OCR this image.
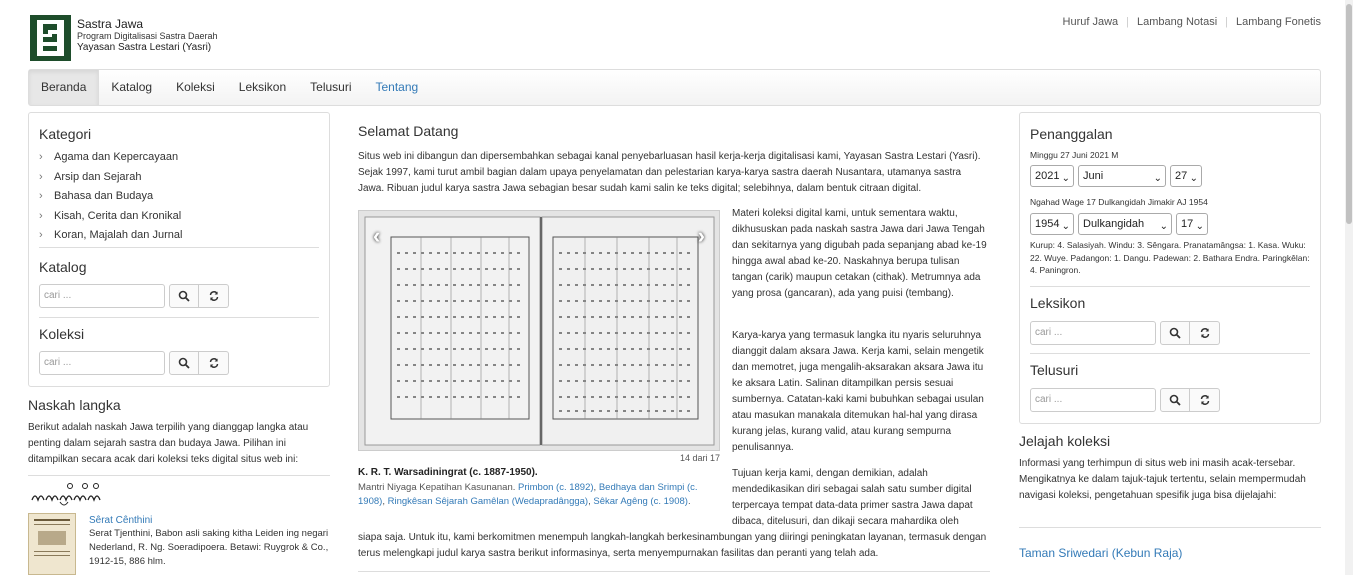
Sastra Jawa
Program Digitalisasi Sastra Daerah
Yayasan Sastra Lestari (Yasri)
Huruf Jawa | Lambang Notasi | Lambang Fonetis
Beranda	Katalog	Koleksi	Leksikon	Telusuri	Tentang
Kategori
› Agama dan Kepercayaan
› Arsip dan Sejarah
› Bahasa dan Budaya
› Kisah, Cerita dan Kronikal
› Koran, Majalah dan Jurnal
Katalog
cari ...
Koleksi
cari ...
Naskah langka
Berikut adalah naskah Jawa terpilih yang dianggap langka atau penting dalam sejarah sastra dan budaya Jawa. Pilihan ini ditampilkan secara acak dari koleksi teks digital situs web ini:
Sêrat Cênthini
Serat Tjenthini, Babon asli saking kitha Leiden ing negari Nederland, R. Ng. Soeradipoera. Betawi: Ruygrok & Co., 1912-15, 886 hlm.
Selamat Datang
Situs web ini dibangun dan dipersembahkan sebagai kanal penyebarluasan hasil kerja-kerja digitalisasi kami, Yayasan Sastra Lestari (Yasri). Sejak 1997, kami turut ambil bagian dalam upaya penyelamatan dan pelestarian karya-karya sastra daerah Nusantara, utamanya sastra Jawa. Ribuan judul karya sastra Jawa sebagian besar sudah kami salin ke teks digital; selebihnya, dalam bentuk citraan digital.
‹	›
14 dari 17
K. R. T. Warsadiningrat (c. 1887-1950).
Mantri Niyaga Kepatihan Kasunanan. Primbon (c. 1892), Bedhaya dan Srimpi (c. 1908), Ringkêsan Sêjarah Gamêlan (Wedapradângga), Sêkar Agêng (c. 1908).
Materi koleksi digital kami, untuk sementara waktu, dikhususkan pada naskah sastra Jawa dari Jawa Tengah dan sekitarnya yang digubah pada sepanjang abad ke-19 hingga awal abad ke-20. Naskahnya berupa tulisan tangan (carik) maupun cetakan (cithak). Metrumnya ada yang prosa (gancaran), ada yang puisi (tembang).
Karya-karya yang termasuk langka itu nyaris seluruhnya dianggit dalam aksara Jawa. Kerja kami, selain mengetik dan memotret, juga mengalih-aksarakan aksara Jawa itu ke aksara Latin. Salinan ditampilkan persis sesuai sumbernya. Catatan-kaki kami bubuhkan sebagai usulan atau masukan manakala ditemukan hal-hal yang dirasa kurang jelas, kurang valid, atau kurang sempurna penulisannya.
Tujuan kerja kami, dengan demikian, adalah mendedikasikan diri sebagai salah satu sumber digital terpercaya tempat data-data primer sastra Jawa dapat dibaca, ditelusuri, dan dikaji secara mahardika oleh
siapa saja. Untuk itu, kami berkomitmen menempuh langkah-langkah berkesinambungan yang diiringi peningkatan layanan, termasuk dengan terus melengkapi judul karya sastra berikut informasinya, serta menyempurnakan fasilitas dan peranti yang telah ada.
Penanggalan
Minggu 27 Juni 2021 M
2021 ⌄	Juni	⌄	27 ⌄
Ngahad Wage 17 Dulkangidah Jimakir AJ 1954
1954 ⌄	Dulkangidah ⌄	17 ⌄
Kurup: 4. Salasiyah. Windu: 3. Sêngara. Pranatamângsa: 1. Kasa. Wuku: 22. Wuye. Padangon: 1. Dangu. Padewan: 2. Bathara Endra. Paringkêlan: 4. Paningron.
Leksikon
cari ...
Telusuri
cari ...
Jelajah koleksi
Informasi yang terhimpun di situs web ini masih acak-tersebar. Mengikatnya ke dalam tajuk-tajuk tertentu, selain mempermudah navigasi koleksi, pengetahuan spesifik juga bisa dijelajahi:
Taman Sriwedari (Kebun Raja)
